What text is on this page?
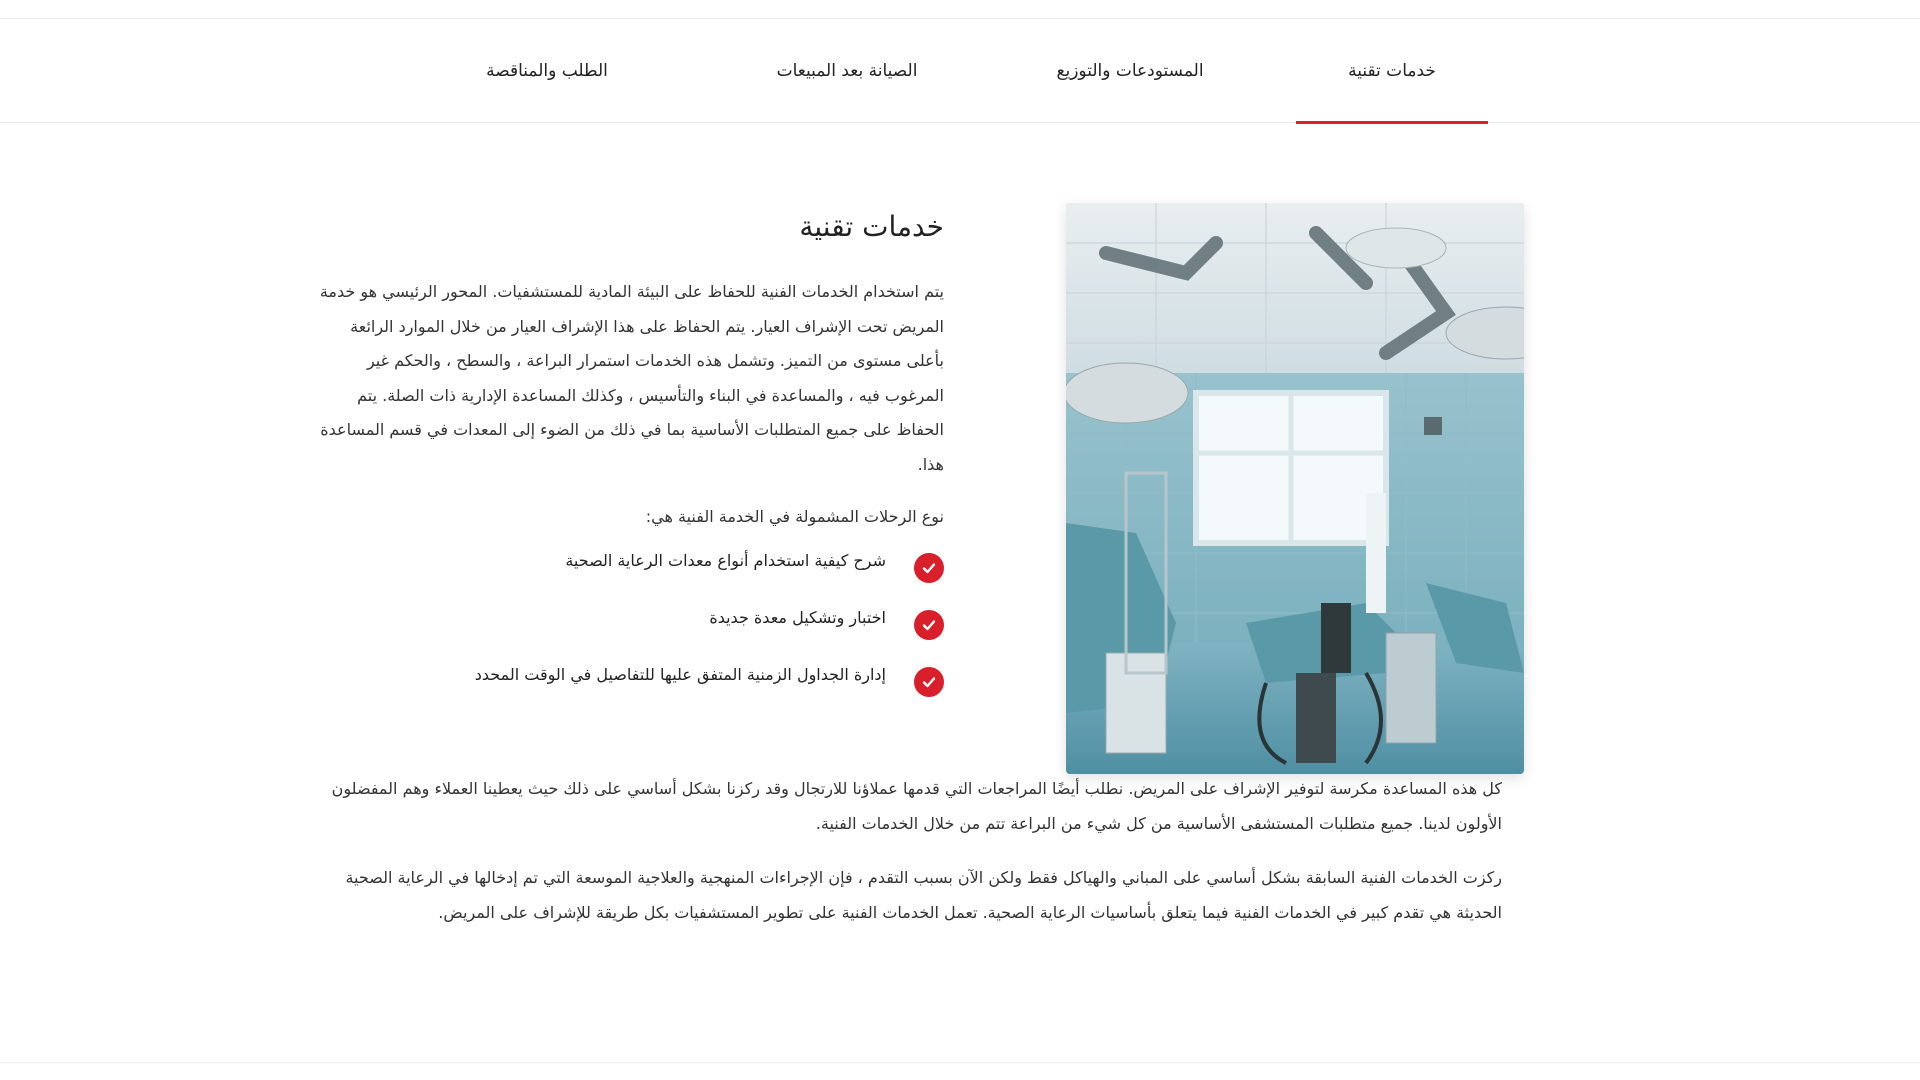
خدمات تقنية
المستودعات والتوزيع
الصيانة بعد المبيعات
الطلب والمناقصة
خدمات تقنية

يتم استخدام الخدمات الفنية للحفاظ على البيئة المادية للمستشفيات. المحور الرئيسي هو خدمة المريض تحت الإشراف العيار. يتم الحفاظ على هذا الإشراف العيار من خلال الموارد الرائعة بأعلى مستوى من التميز. وتشمل هذه الخدمات استمرار البراعة ، والسطح ، والحكم غير المرغوب فيه ، والمساعدة في البناء والتأسيس ، وكذلك المساعدة الإدارية ذات الصلة. يتم الحفاظ على جميع المتطلبات الأساسية بما في ذلك من الضوء إلى المعدات في قسم المساعدة هذا.

نوع الرحلات المشمولة في الخدمة الفنية هي:

شرح كيفية استخدام أنواع معدات الرعاية الصحية
اختبار وتشكيل معدة جديدة
إدارة الجداول الزمنية المتفق عليها للتفاصيل في الوقت المحدد

كل هذه المساعدة مكرسة لتوفير الإشراف على المريض. نطلب أيضًا المراجعات التي قدمها عملاؤنا للارتجال وقد ركزنا بشكل أساسي على ذلك حيث يعطينا العملاء وهم المفضلون الأولون لدينا. جميع متطلبات المستشفى الأساسية من كل شيء من البراعة تتم من خلال الخدمات الفنية.

ركزت الخدمات الفنية السابقة بشكل أساسي على المباني والهياكل فقط ولكن الآن بسبب التقدم ، فإن الإجراءات المنهجية والعلاجية الموسعة التي تم إدخالها في الرعاية الصحية الحديثة هي تقدم كبير في الخدمات الفنية فيما يتعلق بأساسيات الرعاية الصحية. تعمل الخدمات الفنية على تطوير المستشفيات بكل طريقة للإشراف على المريض.
